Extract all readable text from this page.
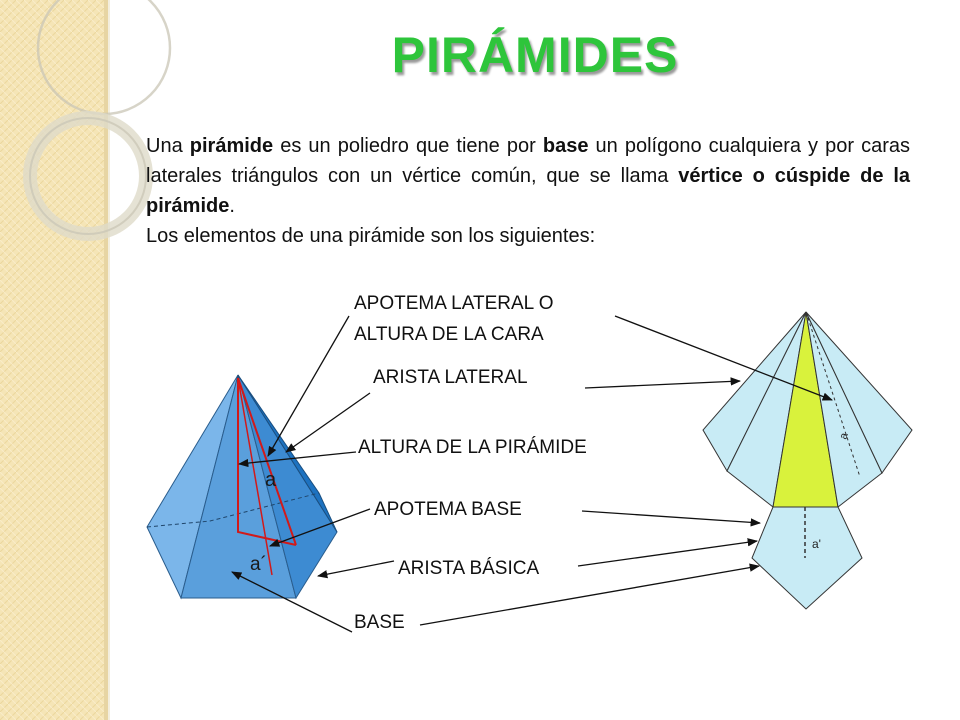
PIRÁMIDES

Una pirámide es un poliedro que tiene por base un polígono cualquiera y por caras laterales triángulos con un vértice común, que se llama vértice o cúspide de la pirámide.

Los elementos de una pirámide son los siguientes:

a
a´
a
a'
APOTEMA LATERAL O
ALTURA DE LA CARA
ARISTA LATERAL
ALTURA DE LA PIRÁMIDE
APOTEMA BASE
ARISTA BÁSICA
BASE
